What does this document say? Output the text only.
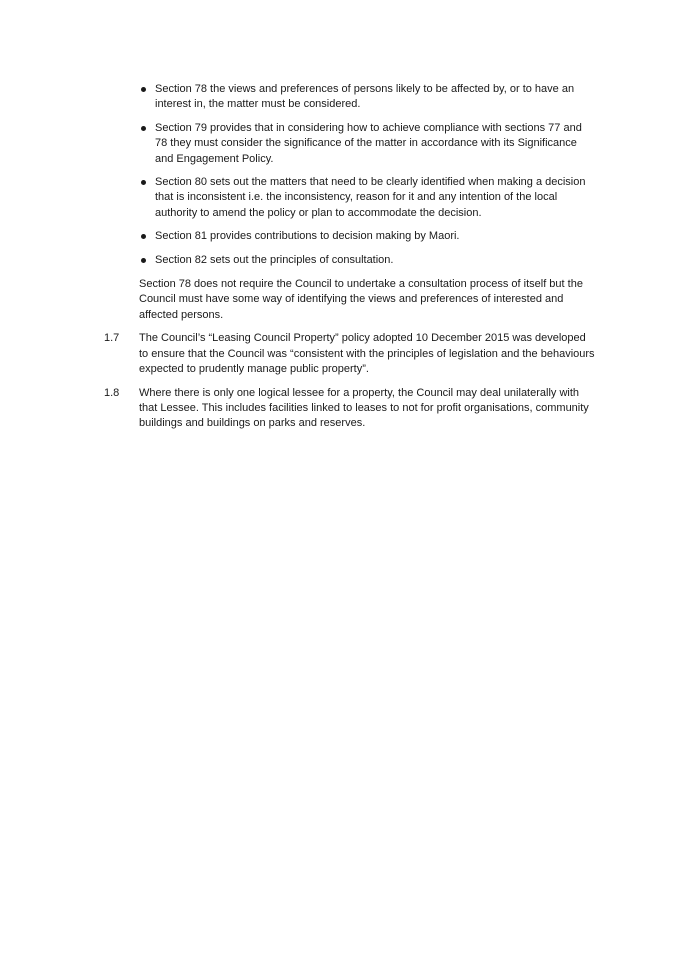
Section 78 the views and preferences of persons likely to be affected by, or to have an interest in, the matter must be considered.
Section 79 provides that in considering how to achieve compliance with sections 77 and 78 they must consider the significance of the matter in accordance with its Significance and Engagement Policy.
Section 80 sets out the matters that need to be clearly identified when making a decision that is inconsistent i.e. the inconsistency, reason for it and any intention of the local authority to amend the policy or plan to accommodate the decision.
Section 81 provides contributions to decision making by Maori.
Section 82 sets out the principles of consultation.

Section 78 does not require the Council to undertake a consultation process of itself but the Council must have some way of identifying the views and preferences of interested and affected persons.

1.7	The Council’s “Leasing Council Property” policy adopted 10 December 2015 was developed to ensure that the Council was “consistent with the principles of legislation and the behaviours expected to prudently manage public property”.
1.8	Where there is only one logical lessee for a property, the Council may deal unilaterally with that Lessee. This includes facilities linked to leases to not for profit organisations, community buildings and buildings on parks and reserves.
